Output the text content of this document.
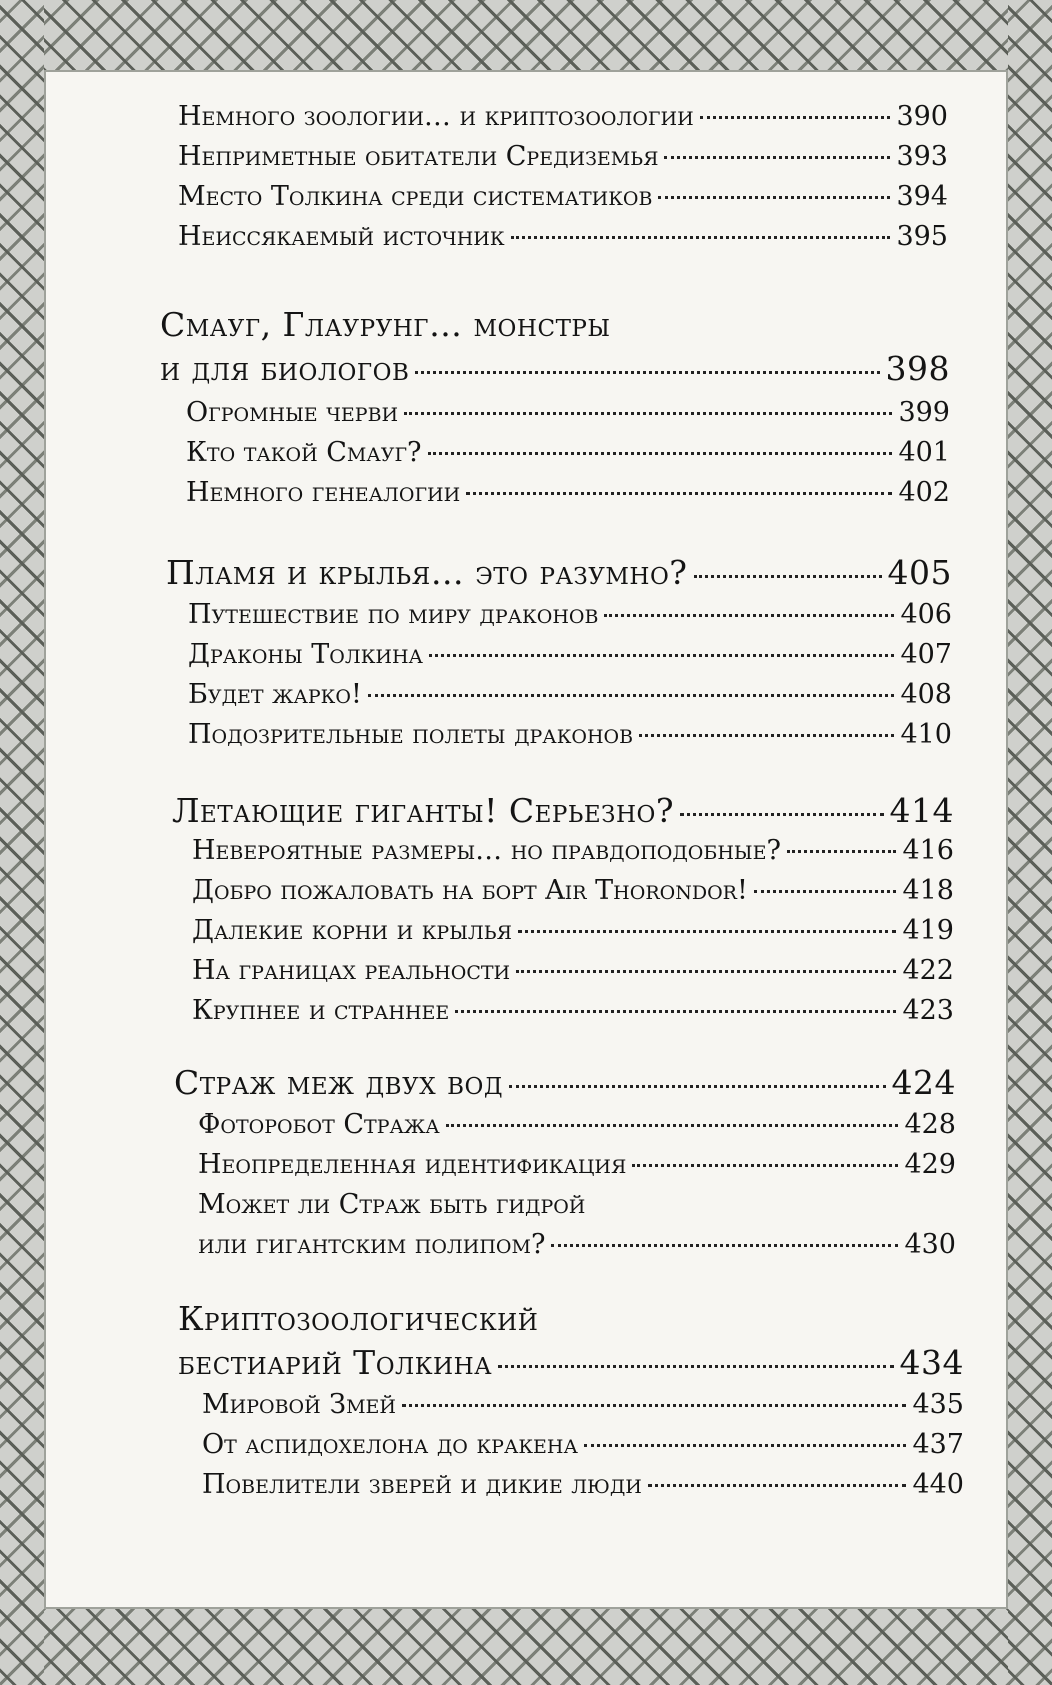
Немного зоологии… и криптозоологии	390
Неприметные обитатели Средиземья	393
Место Толкина среди систематиков	394
Неиссякаемый источник	395
Смауг, Глаурунг… монстры
и для биологов	398
Огромные черви	399
Кто такой Смауг?	401
Немного генеалогии	402
Пламя и крылья… это разумно?	405
Путешествие по миру драконов	406
Драконы Толкина	407
Будет жарко!	408
Подозрительные полеты драконов	410
Летающие гиганты! Серьезно?	414
Невероятные размеры… но правдоподобные?	416
Добро пожаловать на борт Air Thorondor!	418
Далекие корни и крылья	419
На границах реальности	422
Крупнее и страннее	423
Страж меж двух вод	424
Фоторобот Стража	428
Неопределенная идентификация	429
Может ли Страж быть гидрой
или гигантским полипом?	430
Криптозоологический
бестиарий Толкина	434
Мировой Змей	435
От аспидохелона до кракена	437
Повелители зверей и дикие люди	440
